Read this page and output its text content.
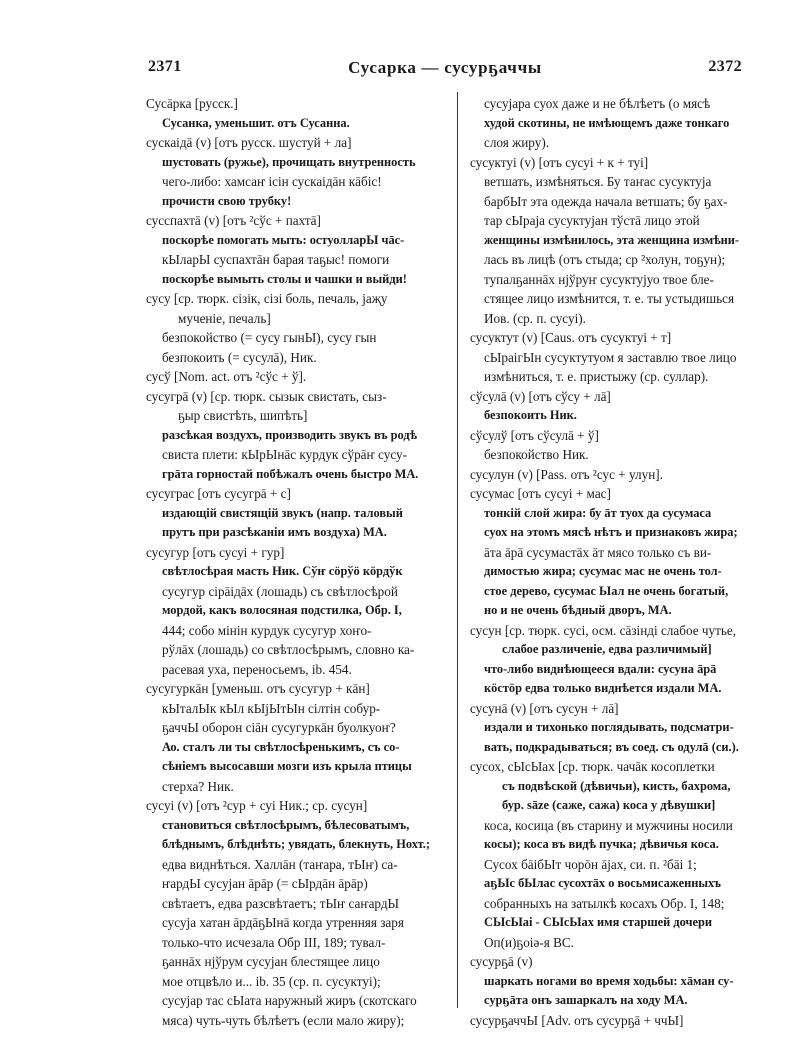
2371	Сусарка — сусурҕаччы	2372
Сусāрка [русск.]
Сусанка, уменьшит. отъ Сусанна.
сускаiдā (v) [отъ русск. шустуй + ла]
шустовать (ружье), прочищать внутренность
чего-либо: хамсаҥ iсiн сускаiдāн кāбiс!
прочисти свою трубку!
сусспахтā (v) [отъ ²сўс + пахтā]
поскорѣе помогать мыть: остуолларЫ чāс-
кЫларЫ суспахтāн барая таҕыс! помоги
поскорѣе вымыть столы и чашки и выйди!
сусу [ср. тюрк. сiзiк, сiзi боль, печаль, јаҗу
мученiе, печаль]
безпокойство (= сусу гынЫ), сусу гын
безпокоить (= сусулā), Ник.
сусў [Nom. act. отъ ²сўс + ў].
сусугрā (v) [ср. тюрк. сызык свистать, сыз-
ҕыр свистѣть, шипѣть]
разсѣкая воздухъ, производить звукъ въ родѣ
свиста плети: кЫрЫнāс курдук сўрāҥ сусу-
грāта горностай побѣжалъ очень быстро МА.
сусуграс [отъ сусугрā + с]
издающiй свистящiй звукъ (напр. таловый
прутъ при разсѣканiи имъ воздуха) МА.
сусугур [отъ сусуi + гур]
свѣтлосѣрая масть Ник. Сўҥ сöрўö кöрдўк
сусугур сiрāiдāх (лошадь) съ свѣтлосѣрой
мордой, какъ волосяная подстилка, Обр. I,
444; собо мiнiн курдук сусугур хоҥо-
рўлāх (лошадь) со свѣтлосѣрымъ, словно ка-
расевая уха, переносьемъ, ib. 454.
сусугуркāн [уменьш. отъ сусугур + кāн]
кЫталЫк кЫл кЫјЫтЫн сiлтiн собур-
ҕаччЫ оборон сiāн сусугуркāн буолкуоҥ?
Ао. сталъ ли ты свѣтлосѣренькимъ, съ со-
сѣнiемъ высосавши мозги изъ крыла птицы
стерха? Ник.
сусуi (v) [отъ ²сур + суi Ник.; ср. сусун]
становиться свѣтлосѣрымъ, бѣлесоватымъ,
блѣднымъ, блѣднѣть; увядать, блекнуть, Нохт.;
едва виднѣться. Халлāн (таҥара, тЫҥ) са-
ҥардЫ сусујан āрāр (= сЫрдāн āрāр)
свѣтаетъ, едва разсвѣтаетъ; тЫҥ саҥардЫ
сусуја хатан āрдāҕЫнā когда утренняя заря
только-что исчезала Обр III, 189; тувал-
ҕаннāх нјўрум сусујан блестящее лицо
мое отцвѣло и... ib. 35 (ср. п. сусуктуi);
сусујар тас сЫата наружный жиръ (скотскаго
мяса) чуть-чуть бѣлѣетъ (если мало жиру);
сусујара суох даже и не бѣлѣетъ (о мясѣ
худой скотины, не имѣющемъ даже тонкаго
слоя жиру).
сусуктуi (v) [отъ сусуi + к + туi]
ветшать, измѣняться. Бу таҥас сусуктуја
барбЫт эта одежда начала ветшать; бу ҕах-
тар сЫраја сусуктујан тўстā лицо этой
женщины измѣнилось, эта женщина измѣни-
лась въ лицѣ (отъ стыда; ср ²холун, тоҕун);
тупалҕаннāх нјўруҥ сусуктујуо твое бле-
стящее лицо измѣнится, т. е. ты устыдишься
Иов. (ср. п. сусуi).
сусуктут (v) [Caus. отъ сусуктуi + т]
сЫраiгЫн сусуктутуом я заставлю твое лицо
измѣниться, т. е. пристыжу (ср. суллар).
сўсулā (v) [отъ сўсу + лā]
безпокоить Ник.
сўсулў [отъ сўсулā + ў]
безпокойство Ник.
сусулун (v) [Pass. отъ ²сус + улун].
сусумас [отъ сусуi + мас]
тонкiй слой жира: бу āт туох да сусумаса
суох на этомъ мясѣ нѣтъ и признаковъ жира;
āта āрā сусумастāх āт мясо только съ ви-
димостью жира; сусумас мас не очень тол-
стое дерево, сусумас Ыал не очень богатый,
но и не очень бѣдный дворъ, МА.
сусун [ср. тюрк. сусi, осм. сāзiндi слабое чутье,
слабое различенiе, едва различимый]
что-либо виднѣющееся вдали: сусуна āрā
кöстöр едва только виднѣется издали МА.
сусунā (v) [отъ сусун + лā]
издали и тихонько поглядывать, подсматри-
вать, подкрадываться; въ соед. съ одулā (си.).
сусох, сЫсЫах [ср. тюрк. чачāк косоплетки
съ подвѣской (дѣвичьи), кисть, бахрома,
бур. sāzе (саже, сажа) коса у дѣвушки]
коса, косица (въ старину и мужчины носили
косы); коса въ видѣ пучка; дѣвичья коса.
Сусох бāiбЫт чорōн āјах, си. п. ²бāi 1;
аҕЫс бЫлас сусохтāх о восьмисаженныхъ
собранныхъ на затылкѣ косахъ Обр. I, 148;
СЫсЫаi - СЫсЫах имя старшей дочери
Оп(и)ҕоiǝ-я ВС.
сусурҕā (v)
шаркать ногами во время ходьбы: хāман су-
сурҕāта онъ зашаркалъ на ходу МА.
сусурҕаччЫ [Adv. отъ сусурҕā + ччЫ]
